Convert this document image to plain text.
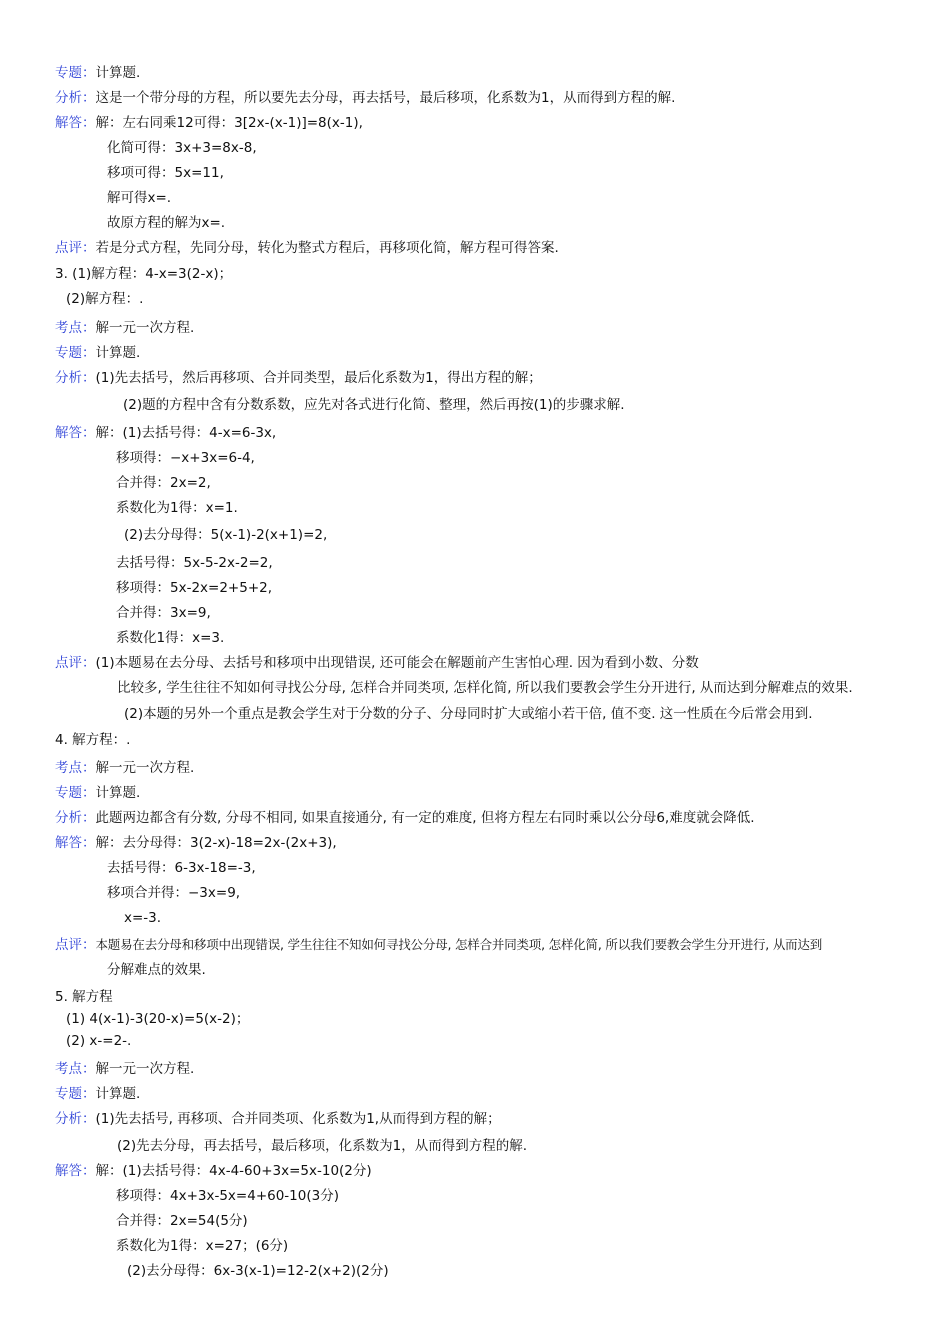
专题：计算题.
分析：这是一个带分母的方程，所以要先去分母，再去括号，最后移项，化系数为1，从而得到方程的解.
解答：解：左右同乘12可得：3[2x-(x-1)]=8(x-1),
化简可得：3x+3=8x-8,
移项可得：5x=11,
解可得x=.
故原方程的解为x=.
点评：若是分式方程，先同分母，转化为整式方程后，再移项化简，解方程可得答案.
3. (1)解方程：4-x=3(2-x)；
(2)解方程：.
考点：解一元一次方程.
专题：计算题.
分析：(1)先去括号，然后再移项、合并同类型，最后化系数为1，得出方程的解；
(2)题的方程中含有分数系数，应先对各式进行化简、整理，然后再按(1)的步骤求解.
解答：解：(1)去括号得：4-x=6-3x,
移项得：−x+3x=6-4,
合并得：2x=2,
系数化为1得：x=1.
(2)去分母得：5(x-1)-2(x+1)=2,
去括号得：5x-5-2x-2=2,
移项得：5x-2x=2+5+2,
合并得：3x=9,
系数化1得：x=3.
点评：(1)本题易在去分母、去括号和移项中出现错误, 还可能会在解题前产生害怕心理. 因为看到小数、分数
比较多, 学生往往不知如何寻找公分母, 怎样合并同类项, 怎样化简, 所以我们要教会学生分开进行, 从而达到分解难点的效果.
(2)本题的另外一个重点是教会学生对于分数的分子、分母同时扩大或缩小若干倍, 值不变. 这一性质在今后常会用到.
4. 解方程：.
考点：解一元一次方程.
专题：计算题.
分析：此题两边都含有分数, 分母不相同, 如果直接通分, 有一定的难度, 但将方程左右同时乘以公分母6,难度就会降低.
解答：解：去分母得：3(2-x)-18=2x-(2x+3),
去括号得：6-3x-18=-3,
移项合并得：−3x=9,
x=-3.
点评：本题易在去分母和移项中出现错误, 学生往往不知如何寻找公分母, 怎样合并同类项, 怎样化简, 所以我们要教会学生分开进行, 从而达到
分解难点的效果.
5. 解方程
(1) 4(x-1)-3(20-x)=5(x-2)；
(2) x-=2-.
考点：解一元一次方程.
专题：计算题.
分析：(1)先去括号, 再移项、合并同类项、化系数为1,从而得到方程的解；
(2)先去分母，再去括号，最后移项，化系数为1，从而得到方程的解.
解答：解：(1)去括号得：4x-4-60+3x=5x-10(2分)
移项得：4x+3x-5x=4+60-10(3分)
合并得：2x=54(5分)
系数化为1得：x=27；(6分)
(2)去分母得：6x-3(x-1)=12-2(x+2)(2分)
